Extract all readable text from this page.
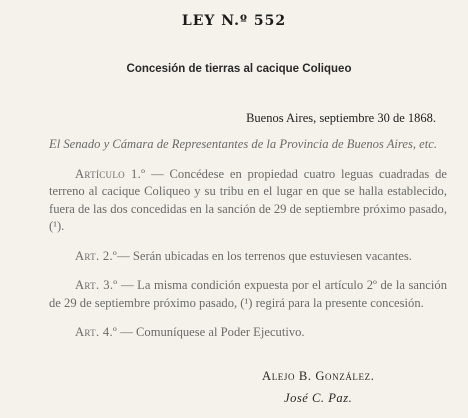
LEY N.º 552
Concesión de tierras al cacique Coliqueo
Buenos Aires, septiembre 30 de 1868.

El Senado y Cámara de Representantes de la Provincia de Buenos Aires, etc.

Artículo 1.º — Concédese en propiedad cuatro leguas cuadradas de terreno al cacique Coliqueo y su tribu en el lugar en que se halla establecido, fuera de las dos concedidas en la sanción de 29 de septiembre próximo pasado, (¹).

Art. 2.º— Serán ubicadas en los terrenos que estuviesen vacantes.

Art. 3.º — La misma condición expuesta por el artículo 2º de la sanción de 29 de septiembre próximo pasado, (¹) regirá para la presente concesión.

Art. 4.º — Comuníquese al Poder Ejecutivo.

Alejo B. González.
José C. Paz.
